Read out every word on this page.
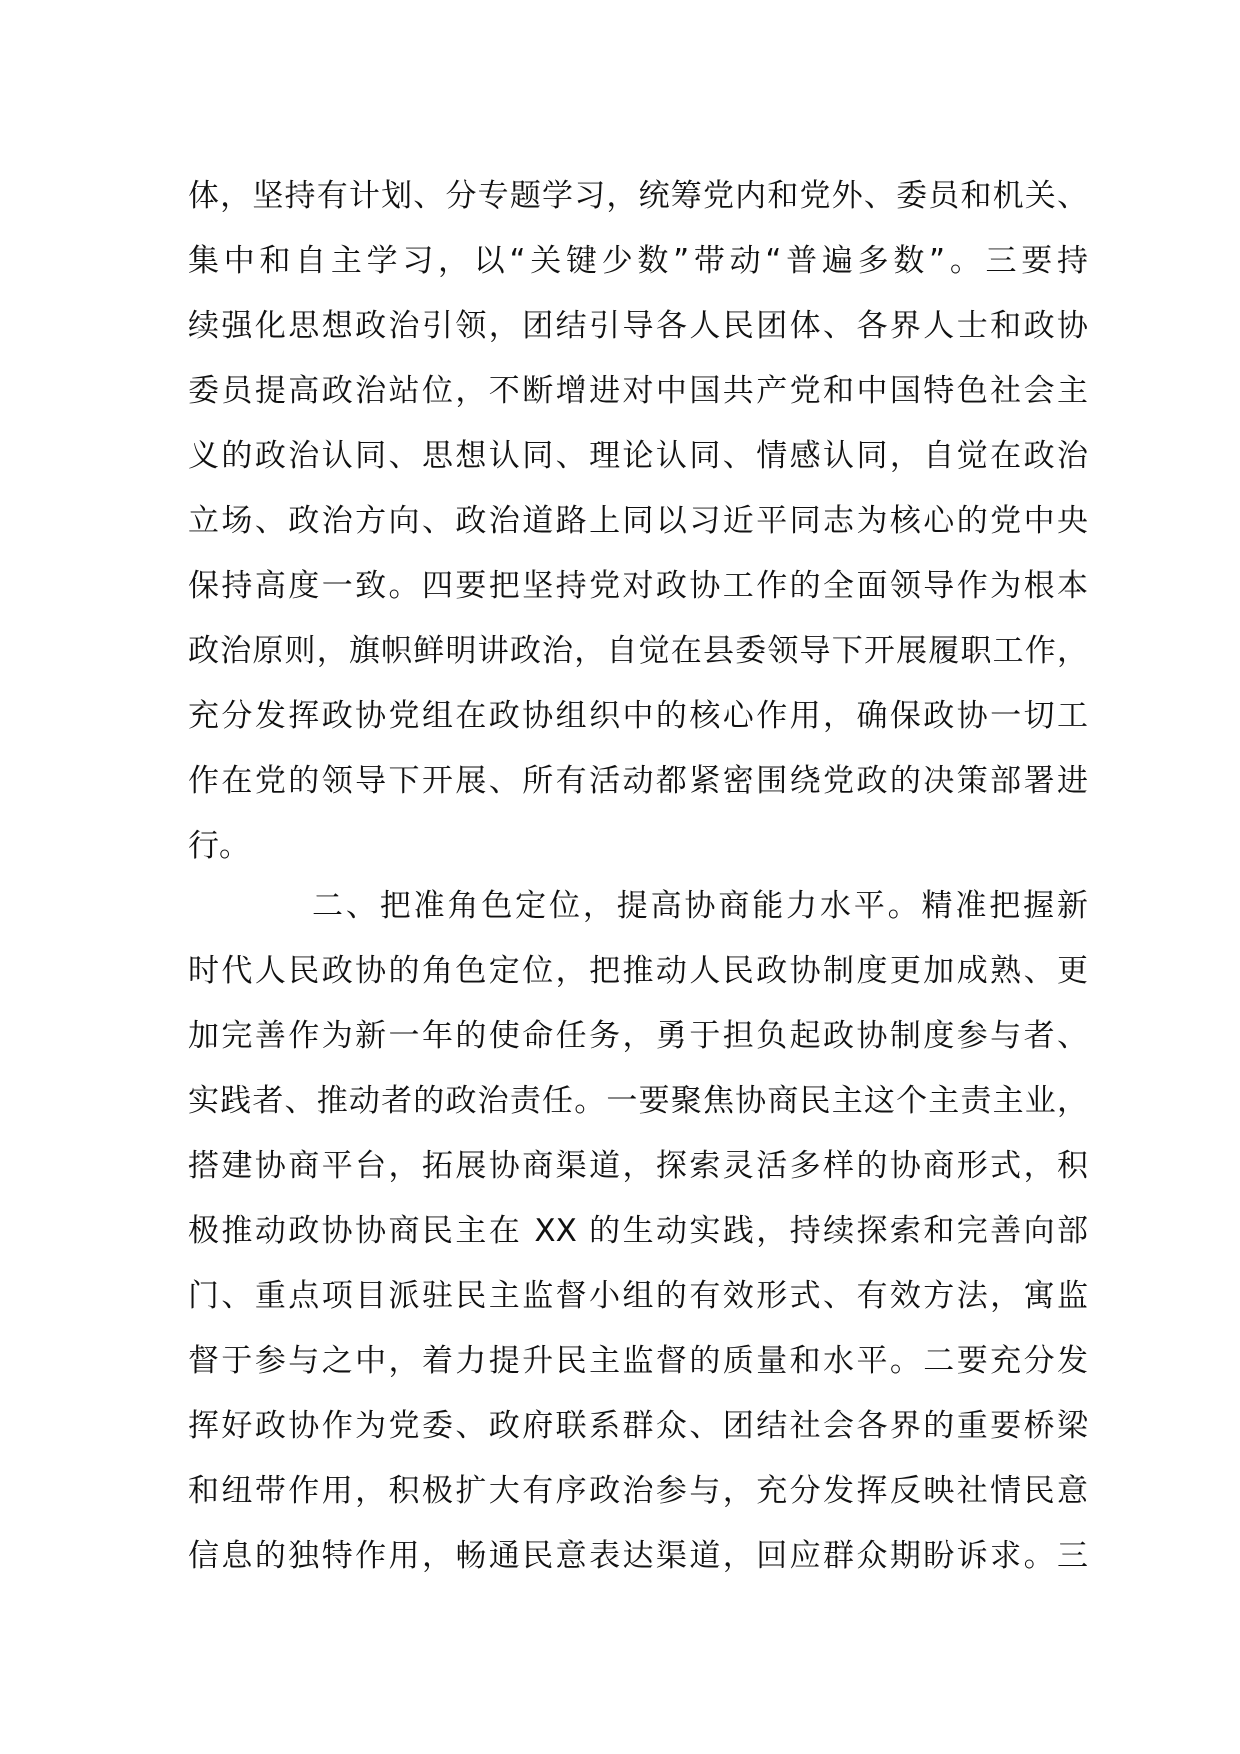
体，坚持有计划、分专题学习，统筹党内和党外、委员和机关、
集中和自主学习，以“关键少数”带动“普遍多数”。三要持
续强化思想政治引领，团结引导各人民团体、各界人士和政协
委员提高政治站位，不断增进对中国共产党和中国特色社会主
义的政治认同、思想认同、理论认同、情感认同，自觉在政治
立场、政治方向、政治道路上同以习近平同志为核心的党中央
保持高度一致。四要把坚持党对政协工作的全面领导作为根本
政治原则，旗帜鲜明讲政治，自觉在县委领导下开展履职工作，
充分发挥政协党组在政协组织中的核心作用，确保政协一切工
作在党的领导下开展、所有活动都紧密围绕党政的决策部署进
行。
二、把准角色定位，提高协商能力水平。精准把握新
时代人民政协的角色定位，把推动人民政协制度更加成熟、更
加完善作为新一年的使命任务，勇于担负起政协制度参与者、
实践者、推动者的政治责任。一要聚焦协商民主这个主责主业，
搭建协商平台，拓展协商渠道，探索灵活多样的协商形式，积
极推动政协协商民主在 XX 的生动实践，持续探索和完善向部
门、重点项目派驻民主监督小组的有效形式、有效方法，寓监
督于参与之中，着力提升民主监督的质量和水平。二要充分发
挥好政协作为党委、政府联系群众、团结社会各界的重要桥梁
和纽带作用，积极扩大有序政治参与，充分发挥反映社情民意
信息的独特作用，畅通民意表达渠道，回应群众期盼诉求。三
